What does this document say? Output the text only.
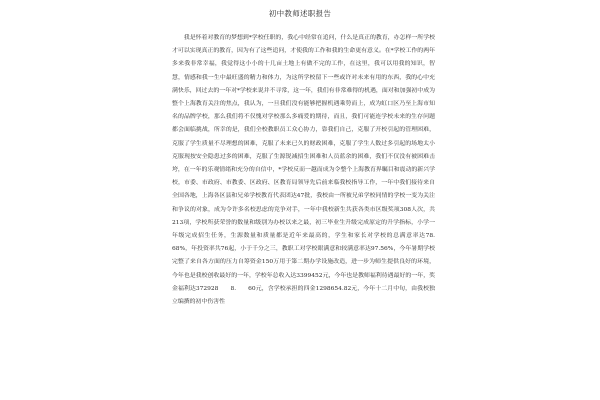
初中教师述职报告

我是怀着对教育的梦想到*学校任职的，我心中经常在追问，什么是真正的教育，办怎样一所学校才可以实现真正的教育，因为有了这些追问，才使我的工作和我的生命更有意义。在*学校工作的两年多来我非常幸福，我觉得这小小的十几亩土地上有做不完的工作，在这里，我可以用我的知识，智慧，情感和我一生中最旺盛的精力和体力，为这所学校留下一些或许对未来有用的东西，我的心中充满快乐，回过去的一年对*学校来说并不寻常，这一年，我们有非常难得的机遇，面对和加强初中成为整个上海教育关注的焦点，我认为，一旦我们没有能够把握机遇乘势而上，成为虹口区乃至上海市知名的品牌学校，那么我们将不仅愧对学校那么多痛爱的期待，而且，我们可能连学校未来的生存问题都会面临挑战，所幸的是，我们全校教职员工众心协力，靠我们自己，克服了开校引起的管理困难，克服了学生质量不尽理想的困难，克服了未来已久的财政困难，克服了学生人数过多引起的场地太小克服现按安全隐患过多的困难，克服了生源锐减招生困难和人员蓝余的困难，我们不仅没有被困难击垮，在一年的乐观情绪和充分的自信中，*学校反而一越而成为令整个上海教育界瞩目和震动的新兴学校，市委、市政府、市教委、区政府、区教育局领导先后前来临我校指导工作，一年中我们接待来自全国各地，上海各区县和兄弟学校教育代表团达47批，我校由一所被兄弟学校同情的学校一变为关注和争议的对象，成为令许多名校思虑的竞争对手，一年中我校新生共获各类市区级奖项308人次，共213项，学校所获荣誉的数量和级别为办校以来之最，初三毕业生升级完成原定的升学指标，小学一年级完成招生任务，生源数量和质量都是近年来最高的，学生和家长对学校的总满意率达78.　　　　68%，年投资率共76起，小于千分之三，教职工对学校眼满意和较满意率达97.56%，今年暑期学校完整了来自各方面的压力自筹资金150万用于第二期办学设施改造，进一步为师生提供良好的环境，今年也是我校创收最好的一年，学校年总收入达3399452元，今年也是教师福利待遇最好的一年，奖金福利达372928　　8.　　60元，含学校承担的四金1298654.82元，今年十二月中旬，由我校独立编撰的初中伤害性
